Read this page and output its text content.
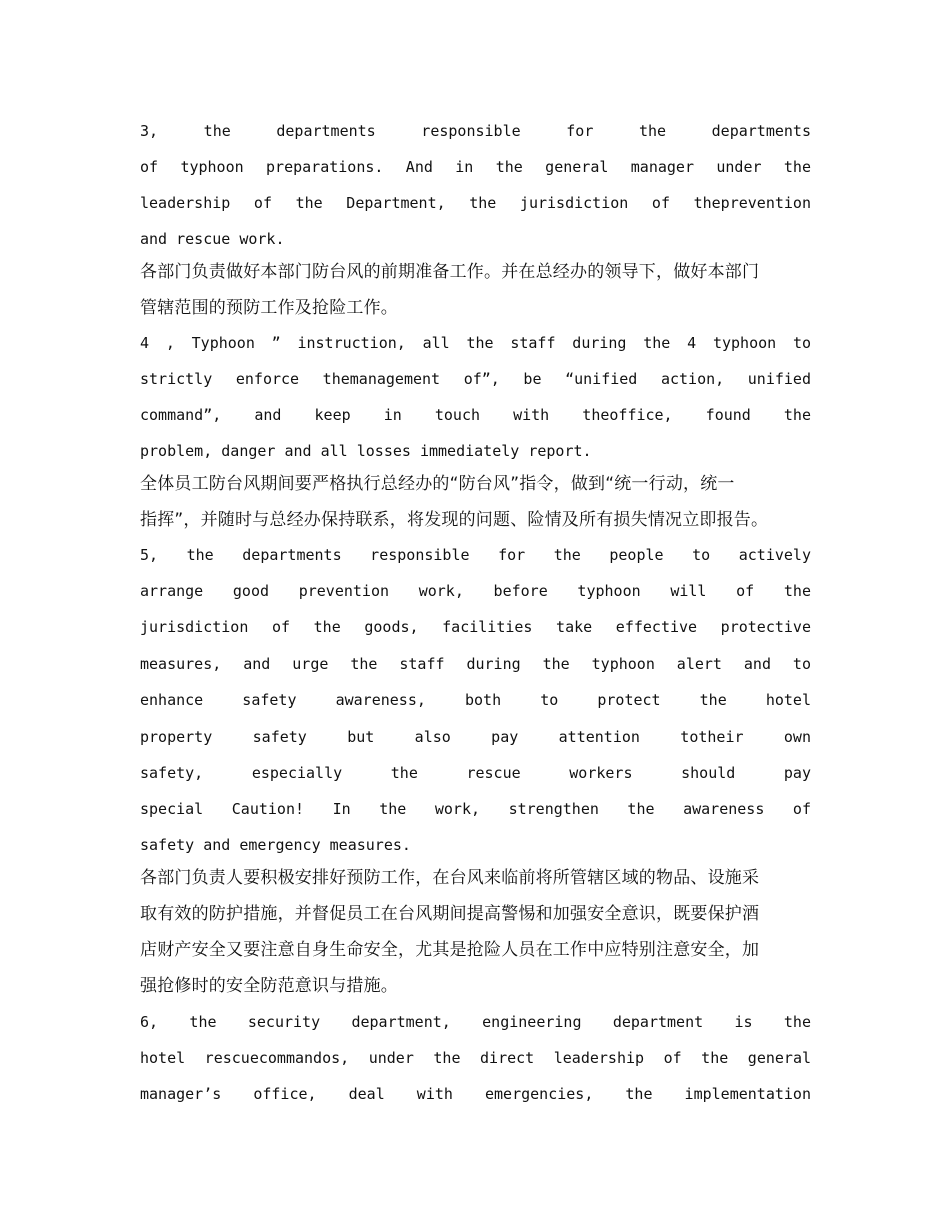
3, the departments responsible for the departments
of typhoon preparations. And in the general manager under the
leadership of the Department, the jurisdiction of theprevention
and rescue work.
各部门负责做好本部门防台风的前期准备工作。并在总经办的领导下，做好本部门
管辖范围的预防工作及抢险工作。
4 , Typhoon ” instruction, all the staff during the 4 typhoon to
strictly enforce themanagement of”, be “unified action, unified
command”, and keep in touch with theoffice, found the
problem, danger and all losses immediately report.
全体员工防台风期间要严格执行总经办的“防台风”指令，做到“统一行动，统一
指挥”，并随时与总经办保持联系，将发现的问题、险情及所有损失情况立即报告。
5, the departments responsible for the people to actively
arrange good prevention work, before typhoon will of the
jurisdiction of the goods, facilities take effective protective
measures, and urge the staff during the typhoon alert and to
enhance safety awareness, both to protect the hotel
property safety but also pay attention totheir own
safety, especially the rescue workers should pay
special Caution! In the work, strengthen the awareness of
safety and emergency measures.
各部门负责人要积极安排好预防工作，在台风来临前将所管辖区域的物品、设施采
取有效的防护措施，并督促员工在台风期间提高警惕和加强安全意识，既要保护酒
店财产安全又要注意自身生命安全，尤其是抢险人员在工作中应特别注意安全，加
强抢修时的安全防范意识与措施。
6, the security department, engineering department is the
hotel rescuecommandos, under the direct leadership of the general
manager’s office, deal with emergencies, the implementation
